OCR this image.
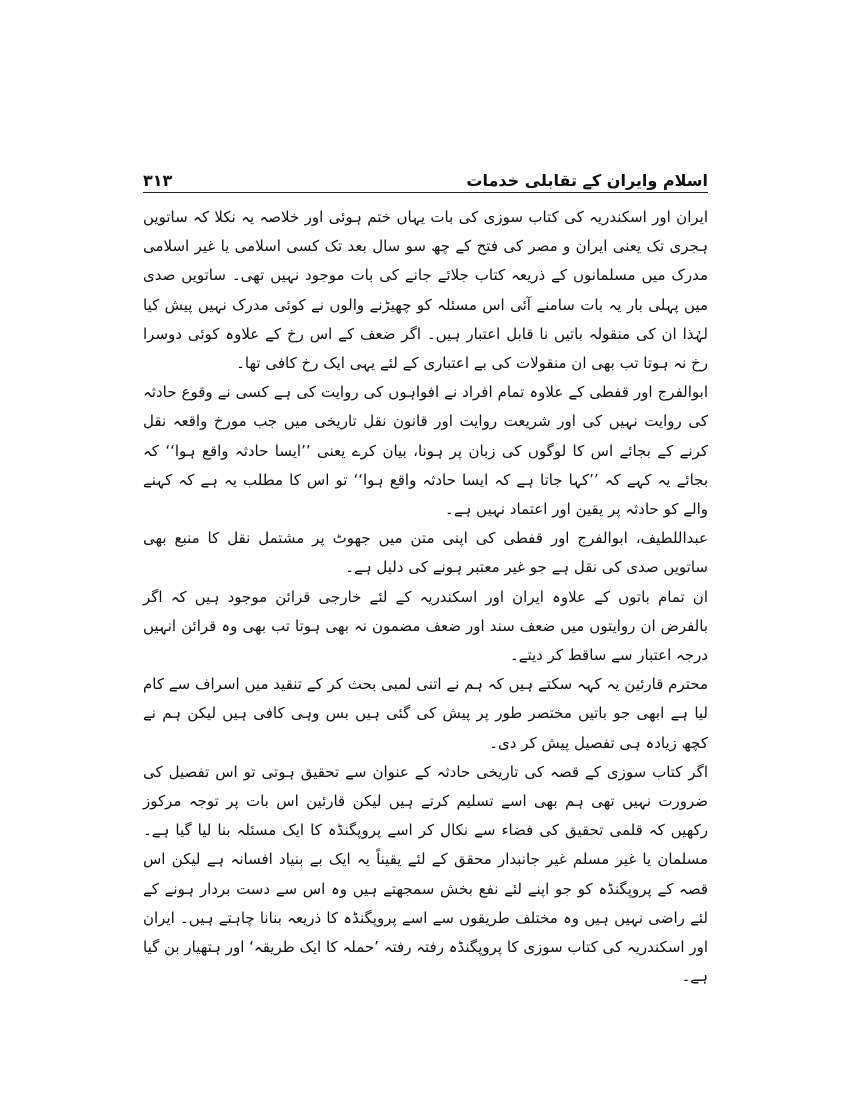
اسلام وایران کے تقابلی خدمات
۳۱۳

ایران اور اسکندریہ کی کتاب سوزی کی بات یہاں ختم ہوئی اور خلاصہ یہ نکلا کہ ساتویں ہجری تک یعنی ایران و مصر کی فتح کے چھ سو سال بعد تک کسی اسلامی یا غیر اسلامی مدرک میں مسلمانوں کے ذریعہ کتاب جلائے جانے کی بات موجود نہیں تھی۔ ساتویں صدی میں پہلی بار یہ بات سامنے آئی اس مسئلہ کو چھیڑنے والوں نے کوئی مدرک نہیں پیش کیا لہٰذا ان کی منقولہ باتیں نا قابل اعتبار ہیں۔ اگر ضعف کے اس رخ کے علاوہ کوئی دوسرا رخ نہ ہوتا تب بھی ان منقولات کی بے اعتباری کے لئے یہی ایک رخ کافی تھا۔

ابوالفرج اور قفطی کے علاوہ تمام افراد نے افواہوں کی روایت کی ہے کسی نے وقوع حادثہ کی روایت نہیں کی اور شریعت روایت اور قانون نقل تاریخی میں جب مورخ واقعہ نقل کرنے کے بجائے اس کا لوگوں کی زبان پر ہونا، بیان کرے یعنی ’’ایسا حادثہ واقع ہوا‘‘ کہ بجائے یہ کہے کہ ’’کہا جاتا ہے کہ ایسا حادثہ واقع ہوا‘‘ تو اس کا مطلب یہ ہے کہ کہنے والے کو حادثہ پر یقین اور اعتماد نہیں ہے۔

عبداللطیف، ابوالفرج اور قفطی کی اپنی متن میں جھوٹ پر مشتمل نقل کا منبع بھی ساتویں صدی کی نقل ہے جو غیر معتبر ہونے کی دلیل ہے۔

ان تمام باتوں کے علاوہ ایران اور اسکندریہ کے لئے خارجی قرائن موجود ہیں کہ اگر بالفرض ان روایتوں میں ضعف سند اور ضعف مضمون نہ بھی ہوتا تب بھی وہ قرائن انہیں درجہ اعتبار سے ساقط کر دیتے۔

محترم قارئین یہ کہہ سکتے ہیں کہ ہم نے اتنی لمبی بحث کر کے تنقید میں اسراف سے کام لیا ہے ابھی جو باتیں مختصر طور پر پیش کی گئی ہیں بس وہی کافی ہیں لیکن ہم نے کچھ زیادہ ہی تفصیل پیش کر دی۔

اگر کتاب سوزی کے قصہ کی تاریخی حادثہ کے عنوان سے تحقیق ہوتی تو اس تفصیل کی ضرورت نہیں تھی ہم بھی اسے تسلیم کرتے ہیں لیکن قارئین اس بات پر توجہ مرکوز رکھیں کہ قلمی تحقیق کی فضاء سے نکال کر اسے پروپگنڈہ کا ایک مسئلہ بنا لیا گیا ہے۔ مسلمان یا غیر مسلم غیر جانبدار محقق کے لئے یقیناً یہ ایک بے بنیاد افسانہ ہے لیکن اس قصہ کے پروپگنڈہ کو جو اپنے لئے نفع بخش سمجھتے ہیں وہ اس سے دست بردار ہونے کے لئے راضی نہیں ہیں وہ مختلف طریقوں سے اسے پروپگنڈہ کا ذریعہ بنانا چاہتے ہیں۔ ایران اور اسکندریہ کی کتاب سوزی کا پروپگنڈہ رفتہ رفتہ ’حملہ کا ایک طریقہ‘ اور ہتھیار بن گیا ہے۔
